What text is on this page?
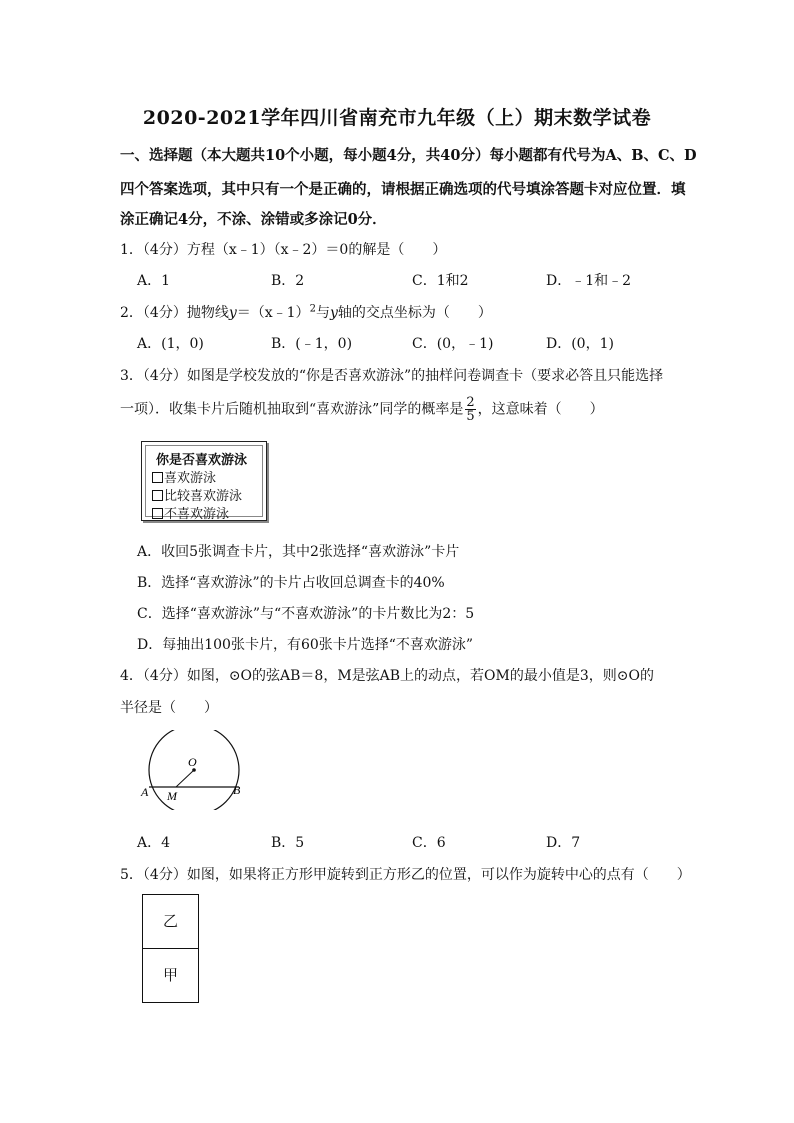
2020-2021学年四川省南充市九年级（上）期末数学试卷
一、选择题（本大题共10个小题，每小题4分，共40分）每小题都有代号为A、B、C、D
四个答案选项，其中只有一个是正确的，请根据正确选项的代号填涂答题卡对应位置．填
涂正确记4分，不涂、涂错或多涂记0分．
1．（4分）方程（x﹣1）（x﹣2）＝0的解是（　　）
A．1	B．2	C．1和2	D．﹣1和﹣2
2．（4分）抛物线y＝（x﹣1）$^2$与y轴的交点坐标为（　　）
A．(1，0)	B．(﹣1，0)	C．(0，﹣1)	D．(0，1)
3．（4分）如图是学校发放的“你是否喜欢游泳”的抽样问卷调查卡（要求必答且只能选择
一项）．收集卡片后随机抽取到“喜欢游泳”同学的概率是 $\frac{2}{5}$ ，这意味着（　　）
你是否喜欢游泳
喜欢游泳
比较喜欢游泳
不喜欢游泳
A．收回5张调查卡片，其中2张选择“喜欢游泳”卡片
B．选择“喜欢游泳”的卡片占收回总调查卡的40%
C．选择“喜欢游泳”与“不喜欢游泳”的卡片数比为2：5
D．每抽出100张卡片，有60张卡片选择“不喜欢游泳”
4．（4分）如图，⊙O的弦AB＝8，M是弦AB上的动点，若OM的最小值是3，则⊙O的
半径是（　　）
O
A	B
M
A．4	B．5	C．6	D．7
5．（4分）如图，如果将正方形甲旋转到正方形乙的位置，可以作为旋转中心的点有（　　）
乙
甲
